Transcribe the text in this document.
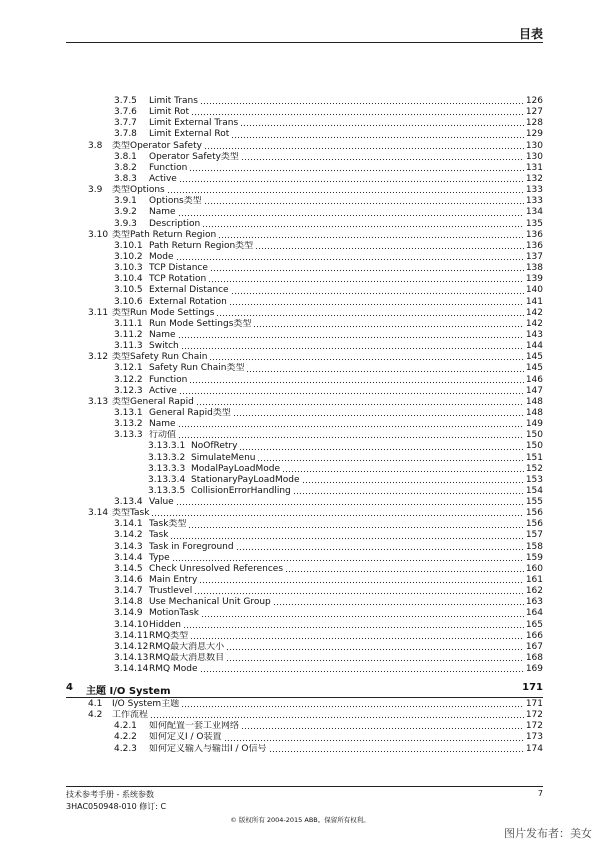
目表
3.7.5 Limit Trans	126
3.7.6 Limit Rot	127
3.7.7 Limit External Trans	128
3.7.8 Limit External Rot	129
3.8 类型Operator Safety	130
3.8.1 Operator Safety类型	130
3.8.2 Function	131
3.8.3 Active	132
3.9 类型Options	133
3.9.1 Options类型	133
3.9.2 Name	134
3.9.3 Description	135
3.10 类型Path Return Region	136
3.10.1 Path Return Region类型	136
3.10.2 Mode	137
3.10.3 TCP Distance	138
3.10.4 TCP Rotation	139
3.10.5 External Distance	140
3.10.6 External Rotation	141
3.11 类型Run Mode Settings	142
3.11.1 Run Mode Settings类型	142
3.11.2 Name	143
3.11.3 Switch	144
3.12 类型Safety Run Chain	145
3.12.1 Safety Run Chain类型	145
3.12.2 Function	146
3.12.3 Active	147
3.13 类型General Rapid	148
3.13.1 General Rapid类型	148
3.13.2 Name	149
3.13.3 行动值	150
3.13.3.1 NoOfRetry	150
3.13.3.2 SimulateMenu	151
3.13.3.3 ModalPayLoadMode	152
3.13.3.4 StationaryPayLoadMode	153
3.13.3.5 CollisionErrorHandling	154
3.13.4 Value	155
3.14 类型Task	156
3.14.1 Task类型	156
3.14.2 Task	157
3.14.3 Task in Foreground	158
3.14.4 Type	159
3.14.5 Check Unresolved References	160
3.14.6 Main Entry	161
3.14.7 Trustlevel	162
3.14.8 Use Mechanical Unit Group	163
3.14.9 MotionTask	164
3.14.10 Hidden	165
3.14.11 RMQ类型	166
3.14.12 RMQ最大消息大小	167
3.14.13 RMQ最大消息数目	168
3.14.14 RMQ Mode	169
4 主题 I/O System	171
4.1 I/O System主题	171
4.2 工作流程	172
4.2.1 如何配置一套工业网络	172
4.2.2 如何定义I / O装置	173
4.2.3 如何定义输入与输出I / O信号	174
技术参考手册 - 系统参数
3HAC050948-010 修订: C
7
© 版权所有 2004-2015 ABB。保留所有权利。
图片发布者：美女
